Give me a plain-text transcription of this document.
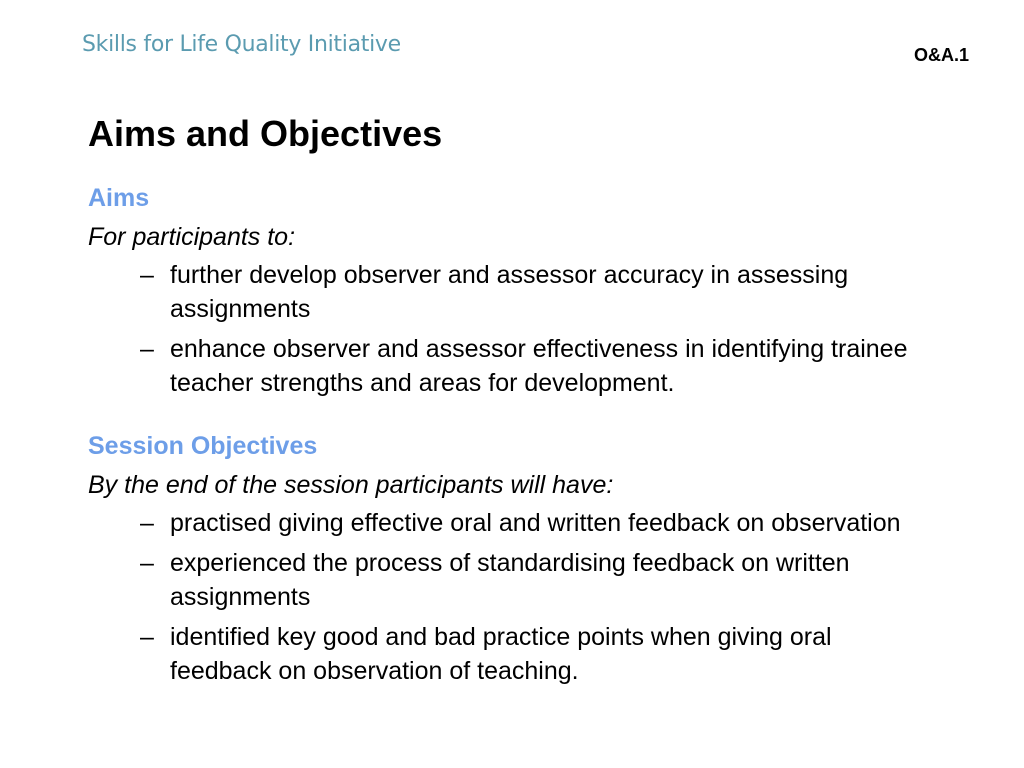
Skills for Life Quality Initiative	O&A.1
Aims and Objectives
Aims

For participants to:

– further develop observer and assessor accuracy in assessing assignments
– enhance observer and assessor effectiveness in identifying trainee teacher strengths and areas for development.
Session Objectives

By the end of the session participants will have:

– practised giving effective oral and written feedback on observation
– experienced the process of standardising feedback on written assignments
– identified key good and bad practice points when giving oral feedback on observation of teaching.
